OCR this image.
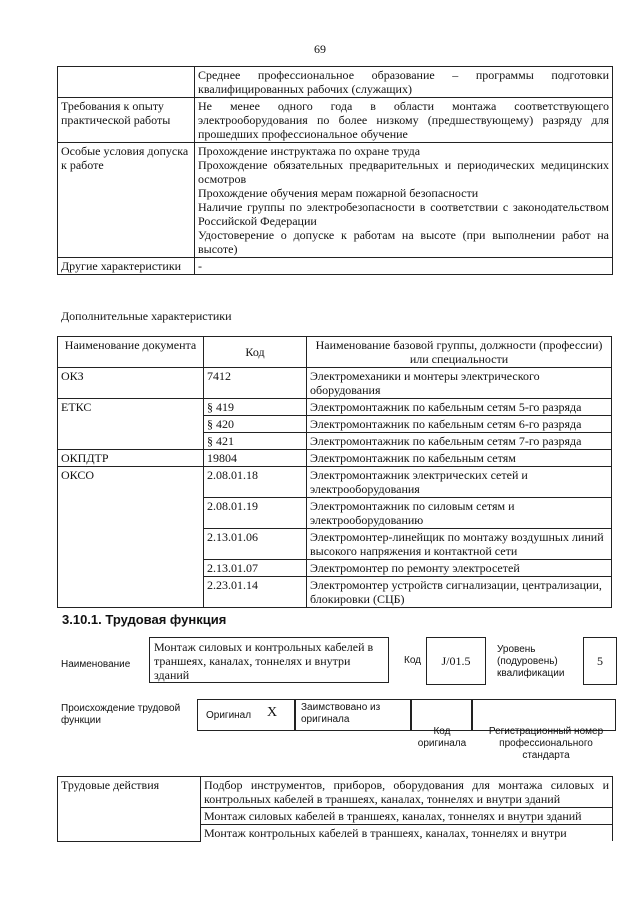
69
	Среднее профессиональное образование – программы подготовки квалифицированных рабочих (служащих)
Требования к опыту практической работы	Не менее одного года в области монтажа соответствующего электрооборудования по более низкому (предшествующему) разряду для прошедших профессиональное обучение
Особые условия допуска к работе	Прохождение инструктажа по охране труда

Прохождение обязательных предварительных и периодических медицинских осмотров

Прохождение обучения мерам пожарной безопасности

Наличие группы по электробезопасности в соответствии с законодательством Российской Федерации

Удостоверение о допуске к работам на высоте (при выполнении работ на высоте)

Другие характеристики	-
Дополнительные характеристики
Наименование документа	Код	Наименование базовой группы, должности (профессии) или специальности
ОКЗ	7412	Электромеханики и монтеры электрического оборудования
ЕТКС	§ 419	Электромонтажник по кабельным сетям 5-го разряда
	§ 420	Электромонтажник по кабельным сетям 6-го разряда
	§ 421	Электромонтажник по кабельным сетям 7-го разряда
ОКПДТР	19804	Электромонтажник по кабельным сетям
ОКСО	2.08.01.18	Электромонтажник электрических сетей и электрооборудования
	2.08.01.19	Электромонтажник по силовым сетям и электрооборудованию
	2.13.01.06	Электромонтер-линейщик по монтажу воздушных линий высокого напряжения и контактной сети
	2.13.01.07	Электромонтер по ремонту электросетей
	2.23.01.14	Электромонтер устройств сигнализации, централизации, блокировки (СЦБ)
3.10.1. Трудовая функция
Наименование
Монтаж силовых и контрольных кабелей в траншеях, каналах, тоннелях и внутри зданий
Код	J/01.5
Уровень (подуровень) квалификации
5
Происхождение трудовой функции	Оригинал X Заимствовано из оригинала
Код оригинала
Регистрационный номер профессионального стандарта
Трудовые действия	Подбор инструментов, приборов, оборудования для монтажа силовых и контрольных кабелей в траншеях, каналах, тоннелях и внутри зданий
Монтаж силовых кабелей в траншеях, каналах, тоннелях и внутри зданий
Монтаж контрольных кабелей в траншеях, каналах, тоннелях и внутри
